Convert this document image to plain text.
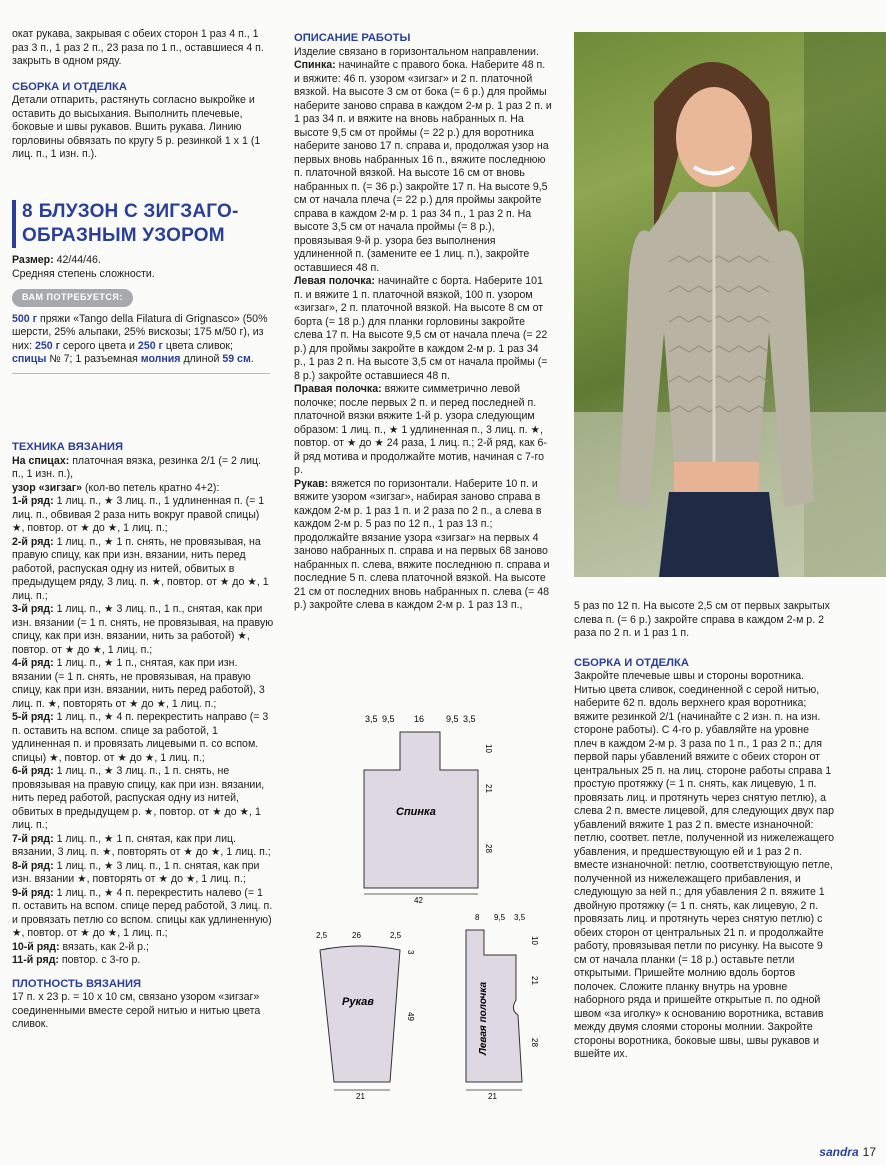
окат рукава, закрывая с обеих сторон 1 раз 4 п., 1 раз 3 п., 1 раз 2 п., 23 раза по 1 п., оставшиеся 4 п. закрыть в одном ряду.

СБОРКА И ОТДЕЛКА

Детали отпарить, растянуть согласно выкройке и оставить до высыхания. Выполнить плечевые, боковые и швы рукавов. Вшить рукава. Линию горловины обвязать по кругу 5 р. резинкой 1 х 1 (1 лиц. п., 1 изн. п.).

8 БЛУЗОН С ЗИГЗАГО-
ОБРАЗНЫМ УЗОРОМ

Размер: 42/44/46.

Средняя степень сложности.

ВАМ ПОТРЕБУЕТСЯ:

500 г пряжи «Tango della Filatura di Grignasco» (50% шерсти, 25% альпаки, 25% вискозы; 175 м/50 г), из них: 250 г серого цвета и 250 г цвета сливок; спицы № 7; 1 разъемная молния длиной 59 см.

ТЕХНИКА ВЯЗАНИЯ

На спицах: платочная вязка, резинка 2/1 (= 2 лиц. п., 1 изн. п.),

узор «зигзаг» (кол-во петель кратно 4+2):

1-й ряд: 1 лиц. п., ★ 3 лиц. п., 1 удлиненная п. (= 1 лиц. п., обвивая 2 раза нить вокруг правой спицы) ★, повтор. от ★ до ★, 1 лиц. п.;

2-й ряд: 1 лиц. п., ★ 1 п. снять, не провязывая, на правую спицу, как при изн. вязании, нить перед работой, распуская одну из нитей, обвитых в предыдущем ряду, 3 лиц. п. ★, повтор. от ★ до ★, 1 лиц. п.;

3-й ряд: 1 лиц. п., ★ 3 лиц. п., 1 п., снятая, как при изн. вязании (= 1 п. снять, не провязывая, на правую спицу, как при изн. вязании, нить за работой) ★, повтор. от ★ до ★, 1 лиц. п.;

4-й ряд: 1 лиц. п., ★ 1 п., снятая, как при изн. вязании (= 1 п. снять, не провязывая, на правую спицу, как при изн. вязании, нить перед работой), 3 лиц. п. ★, повторять от ★ до ★, 1 лиц. п.;

5-й ряд: 1 лиц. п., ★ 4 п. перекрестить направо (= 3 п. оставить на вспом. спице за работой, 1 удлиненная п. и провязать лицевыми п. со вспом. спицы) ★, повтор. от ★ до ★, 1 лиц. п.;

6-й ряд: 1 лиц. п., ★ 3 лиц. п., 1 п. снять, не провязывая на правую спицу, как при изн. вязании, нить перед работой, распуская одну из нитей, обвитых в предыдущем р. ★, повтор. от ★ до ★, 1 лиц. п.;

7-й ряд: 1 лиц. п., ★ 1 п. снятая, как при лиц. вязании, 3 лиц. п. ★, повторять от ★ до ★, 1 лиц. п.;

8-й ряд: 1 лиц. п., ★ 3 лиц. п., 1 п. снятая, как при изн. вязании ★, повторять от ★ до ★, 1 лиц. п.;

9-й ряд: 1 лиц. п., ★ 4 п. перекрестить налево (= 1 п. оставить на вспом. спице перед работой, 3 лиц. п. и провязать петлю со вспом. спицы как удлиненную) ★, повтор. от ★ до ★, 1 лиц. п.;

10-й ряд: вязать, как 2-й р.;

11-й ряд: повтор. с 3-го р.

ПЛОТНОСТЬ ВЯЗАНИЯ

17 п. x 23 р. = 10 x 10 см, связано узором «зигзаг» соединенными вместе серой нитью и нитью цвета сливок.

ОПИСАНИЕ РАБОТЫ

Изделие связано в горизонтальном направлении.

Спинка: начинайте с правого бока. Наберите 48 п. и вяжите: 46 п. узором «зигзаг» и 2 п. платочной вязкой. На высоте 3 см от бока (= 6 р.) для проймы наберите заново справа в каждом 2-м р. 1 раз 2 п. и 1 раз 34 п. и вяжите на вновь набранных п. На высоте 9,5 см от проймы (= 22 р.) для воротника наберите заново 17 п. справа и, продолжая узор на первых вновь набранных 16 п., вяжите последнюю п. платочной вязкой. На высоте 16 см от вновь набранных п. (= 36 р.) закройте 17 п. На высоте 9,5 см от начала плеча (= 22 р.) для проймы закройте справа в каждом 2-м р. 1 раз 34 п., 1 раз 2 п. На высоте 3,5 см от начала проймы (= 8 р.), провязывая 9-й р. узора без выполнения удлиненной п. (замените ее 1 лиц. п.), закройте оставшиеся 48 п.

Левая полочка: начинайте с борта. Наберите 101 п. и вяжите 1 п. платочной вязкой, 100 п. узором «зигзаг», 2 п. платочной вязкой. На высоте 8 см от борта (= 18 р.) для планки горловины закройте слева 17 п. На высоте 9,5 см от начала плеча (= 22 р.) для проймы закройте в каждом 2-м р. 1 раз 34 р., 1 раз 2 п. На высоте 3,5 см от начала проймы (= 8 р.) закройте оставшиеся 48 п.

Правая полочка: вяжите симметрично левой полочке; после первых 2 п. и перед последней п. платочной вязки вяжите 1-й р. узора следующим образом: 1 лиц. п., ★ 1 удлиненная п., 3 лиц. п. ★, повтор. от ★ до ★ 24 раза, 1 лиц. п.; 2-й ряд, как 6-й ряд мотива и продолжайте мотив, начиная с 7-го р.

Рукав: вяжется по горизонтали. Наберите 10 п. и вяжите узором «зигзаг», набирая заново справа в каждом 2-м р. 1 раз 1 п. и 2 раза по 2 п., а слева в каждом 2-м р. 5 раз по 12 п., 1 раз 13 п.; продолжайте вязание узора «зигзаг» на первых 4 заново набранных п. справа и на первых 68 заново набранных п. слева, вяжите последнюю п. справа и последние 5 п. слева платочной вязкой. На высоте 21 см от последних вновь набранных п. слева (= 48 р.) закройте слева в каждом 2-м р. 1 раз 13 п.,	5 раз по 12 п. На высоте 2,5 см от первых закрытых слева п. (= 6 р.) закройте справа в каждом 2-м р. 2 раза по 2 п. и 1 раз 1 п.

СБОРКА И ОТДЕЛКА

Закройте плечевые швы и стороны воротника. Нитью цвета сливок, соединенной с серой нитью, наберите 62 п. вдоль верхнего края воротника; вяжите резинкой 2/1 (начинайте с 2 изн. п. на изн. стороне работы). С 4-го р. убавляйте на уровне плеч в каждом 2-м р. 3 раза по 1 п., 1 раз 2 п.; для первой пары убавлений вяжите с обеих сторон от центральных 25 п. на лиц. стороне работы справа 1 простую протяжку (= 1 п. снять, как лицевую, 1 п. провязать лиц. и протянуть через снятую петлю), а слева 2 п. вместе лицевой, для следующих двух пар убавлений вяжите 1 раз 2 п. вместе изнаночной: петлю, соответ. петле, полученной из нижележащего убавления, и предшествующую ей и 1 раз 2 п. вместе изнаночной: петлю, соответствующую петле, полученной из нижележащего прибавления, и следующую за ней п.; для убавления 2 п. вяжите 1 двойную протяжку (= 1 п. снять, как лицевую, 2 п. провязать лиц. и протянуть через снятую петлю) с обеих сторон от центральных 21 п. и продолжайте работу, провязывая петли по рисунку. На высоте 9 см от начала планки (= 18 р.) оставьте петли открытыми. Пришейте молнию вдоль бортов полочек. Сложите планку внутрь на уровне наборного ряда и пришейте открытые п. по одной швом «за иголку» к основанию воротника, вставив между двумя слоями стороны молнии. Закройте стороны воротника, боковые швы, швы рукавов и вшейте их.

3,5 9,5 16 9,5 3,5
Спинка
10
21
28
42
2,5	26	2,5
Рукав
3
49
21
8 9,5 3,5
Левая полочка
10
21
28
21
sandra 17
